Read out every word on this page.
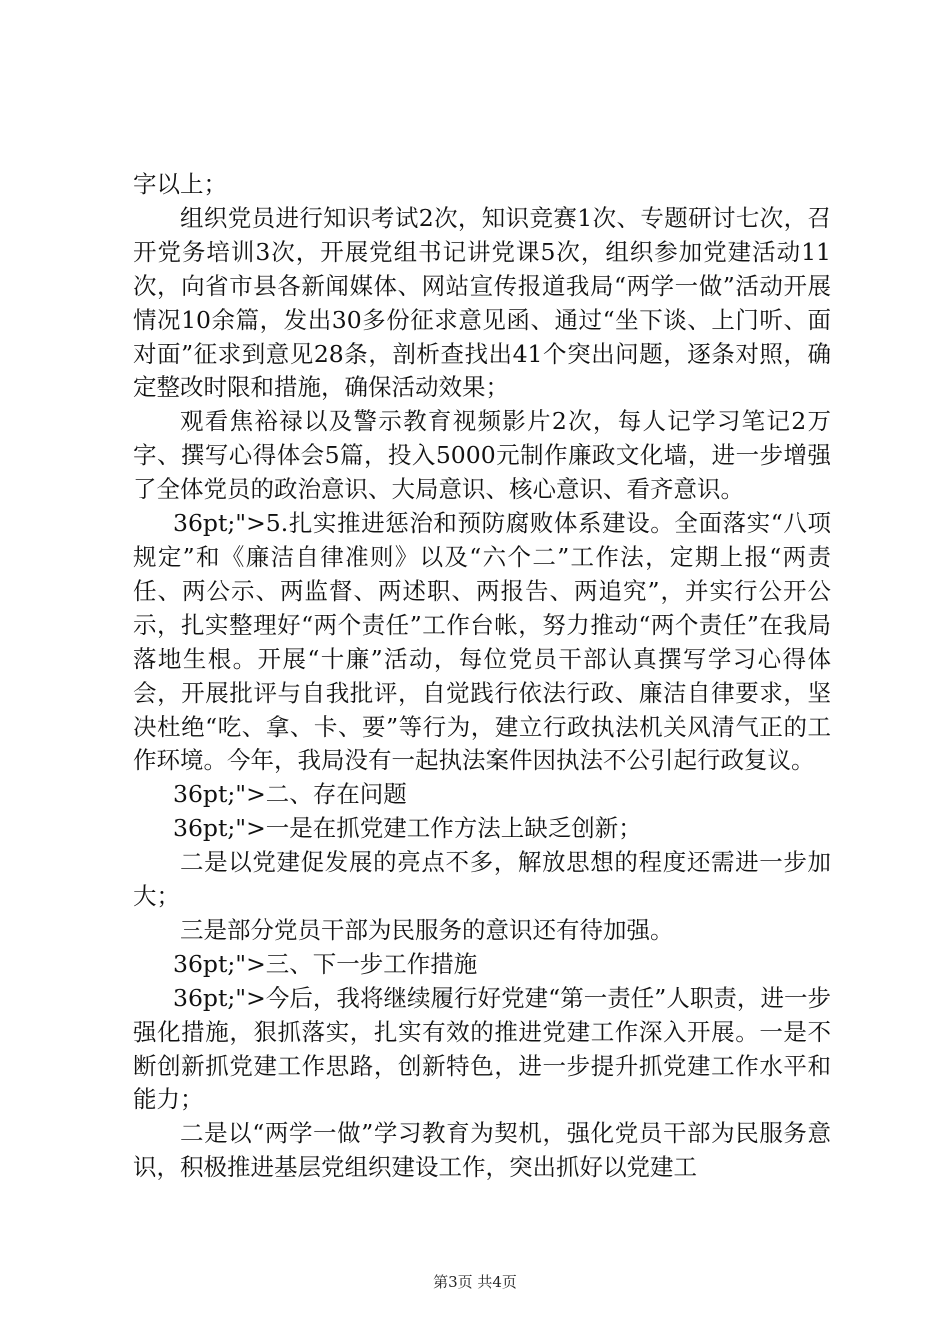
字以上；

组织党员进行知识考试2次，知识竞赛1次、专题研讨七次，召开党务培训3次，开展党组书记讲党课5次，组织参加党建活动11次，向省市县各新闻媒体、网站宣传报道我局“两学一做”活动开展情况10余篇，发出30多份征求意见函、通过“坐下谈、上门听、面对面”征求到意见28条，剖析查找出41个突出问题，逐条对照，确定整改时限和措施，确保活动效果；

观看焦裕禄以及警示教育视频影片2次，每人记学习笔记2万字、撰写心得体会5篇，投入5000元制作廉政文化墙，进一步增强了全体党员的政治意识、大局意识、核心意识、看齐意识。

36pt;">5.扎实推进惩治和预防腐败体系建设。全面落实“八项规定”和《廉洁自律准则》以及“六个二”工作法，定期上报“两责任、两公示、两监督、两述职、两报告、两追究”，并实行公开公示，扎实整理好“两个责任”工作台帐，努力推动“两个责任”在我局落地生根。开展“十廉”活动，每位党员干部认真撰写学习心得体会，开展批评与自我批评，自觉践行依法行政、廉洁自律要求，坚决杜绝“吃、拿、卡、要”等行为，建立行政执法机关风清气正的工作环境。今年，我局没有一起执法案件因执法不公引起行政复议。

36pt;">二、存在问题

36pt;">一是在抓党建工作方法上缺乏创新；

二是以党建促发展的亮点不多，解放思想的程度还需进一步加大；

三是部分党员干部为民服务的意识还有待加强。

36pt;">三、下一步工作措施

36pt;">今后，我将继续履行好党建“第一责任”人职责，进一步强化措施，狠抓落实，扎实有效的推进党建工作深入开展。一是不断创新抓党建工作思路，创新特色，进一步提升抓党建工作水平和能力；

二是以“两学一做”学习教育为契机，强化党员干部为民服务意识，积极推进基层党组织建设工作，突出抓好以党建工

第3页 共4页
